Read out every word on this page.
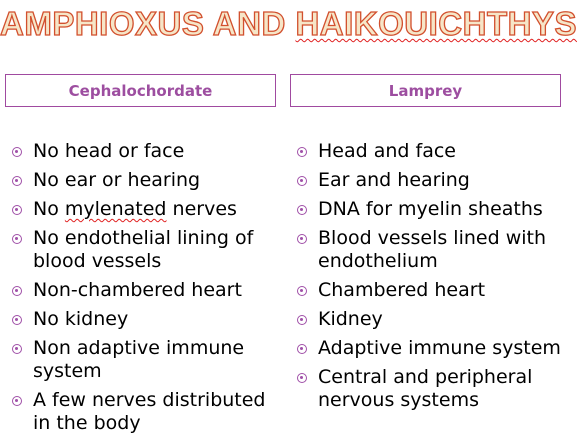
AMPHIOXUS AND HAIKOUICHTHYS
Cephalochordate	Lamprey
No head or face
No ear or hearing
No mylenated nerves
No endothelial lining of blood vessels
Non-chambered heart
No kidney
Non adaptive immune system
A few nerves distributed in the body
Head and face
Ear and hearing
DNA for myelin sheaths
Blood vessels lined with endothelium
Chambered heart
Kidney
Adaptive immune system
Central and peripheral nervous systems
